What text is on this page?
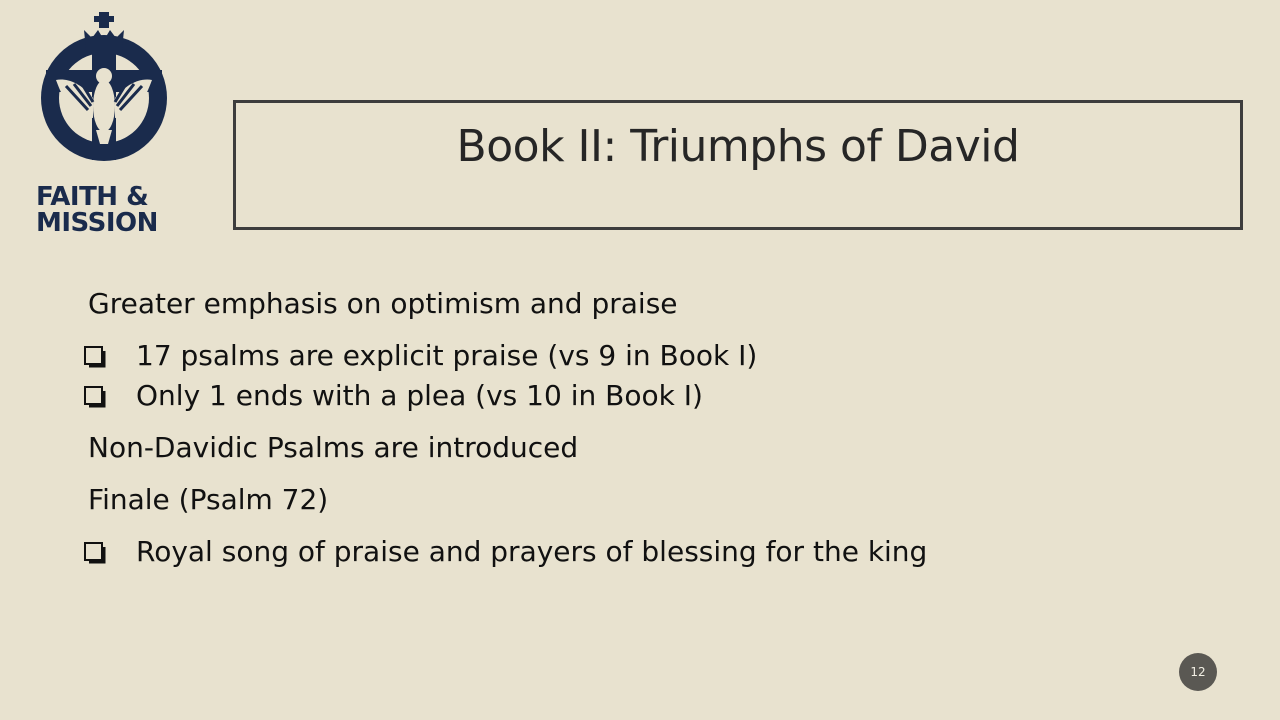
FAITH &
MISSION
Book II: Triumphs of David
Greater emphasis on optimism and praise
17 psalms are explicit praise (vs 9 in Book I)
Only 1 ends with a plea (vs 10 in Book I)
Non-Davidic Psalms are introduced
Finale (Psalm 72)
Royal song of praise and prayers of blessing for the king
12
